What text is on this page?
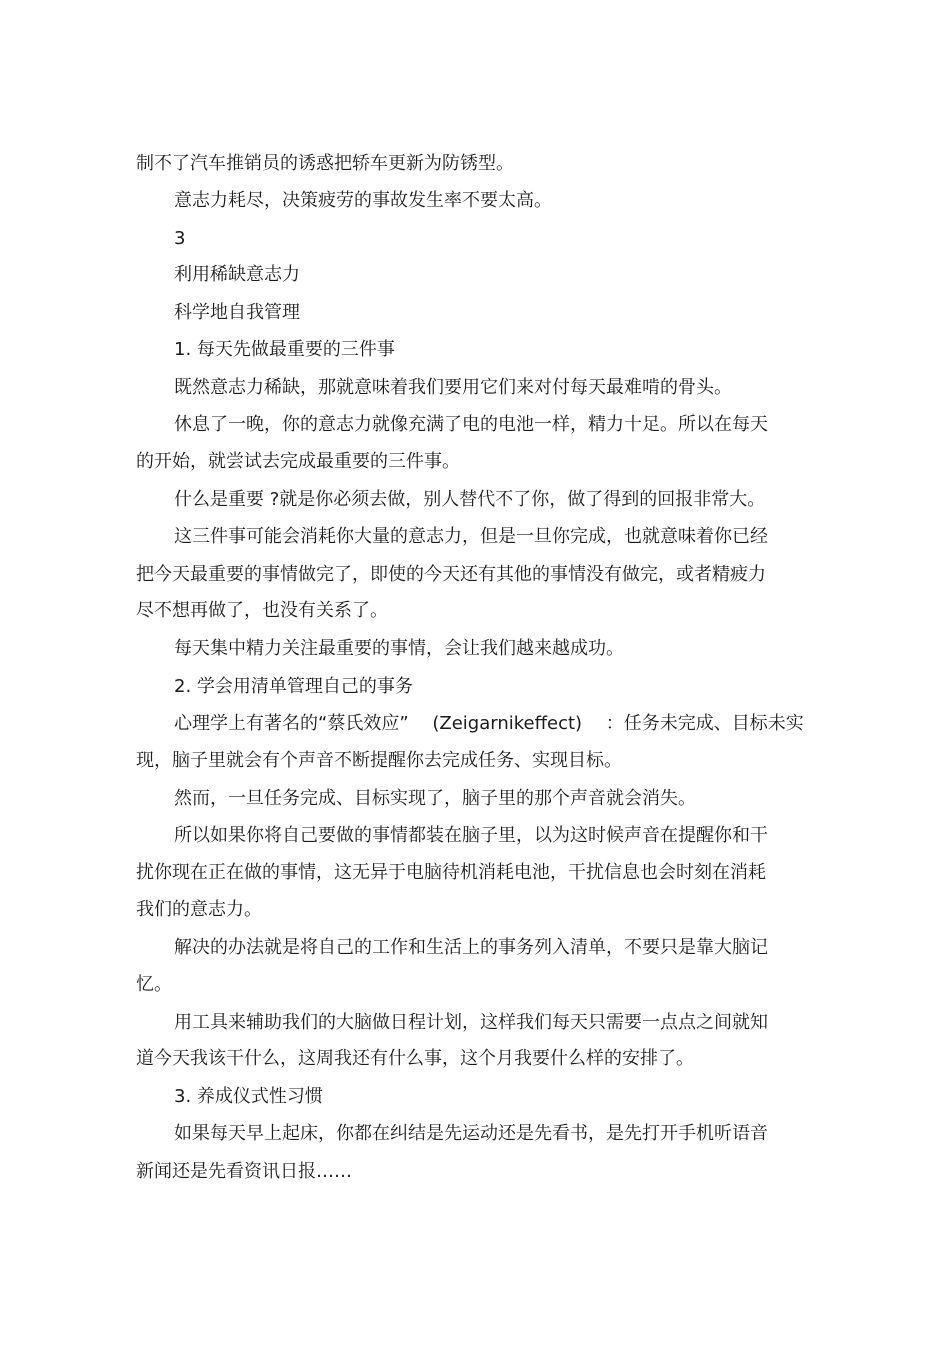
制不了汽车推销员的诱惑把轿车更新为防锈型。
意志力耗尽，决策疲劳的事故发生率不要太高。
3
利用稀缺意志力
科学地自我管理
1. 每天先做最重要的三件事
既然意志力稀缺，那就意味着我们要用它们来对付每天最难啃的骨头。
休息了一晚，你的意志力就像充满了电的电池一样，精力十足。所以在每天
的开始，就尝试去完成最重要的三件事。
什么是重要 ?就是你必须去做，别人替代不了你，做了得到的回报非常大。
这三件事可能会消耗你大量的意志力，但是一旦你完成，也就意味着你已经
把今天最重要的事情做完了，即使的今天还有其他的事情没有做完，或者精疲力
尽不想再做了，也没有关系了。
每天集中精力关注最重要的事情，会让我们越来越成功。
2. 学会用清单管理自己的事务
心理学上有著名的“蔡氏效应”　 (Zeigarnikeffect)　 ：任务未完成、目标未实
现，脑子里就会有个声音不断提醒你去完成任务、实现目标。
然而，一旦任务完成、目标实现了，脑子里的那个声音就会消失。
所以如果你将自己要做的事情都装在脑子里，以为这时候声音在提醒你和干
扰你现在正在做的事情，这无异于电脑待机消耗电池，干扰信息也会时刻在消耗
我们的意志力。
解决的办法就是将自己的工作和生活上的事务列入清单，不要只是靠大脑记
忆。
用工具来辅助我们的大脑做日程计划，这样我们每天只需要一点点之间就知
道今天我该干什么，这周我还有什么事，这个月我要什么样的安排了。
3. 养成仪式性习惯
如果每天早上起床，你都在纠结是先运动还是先看书，是先打开手机听语音
新闻还是先看资讯日报……
